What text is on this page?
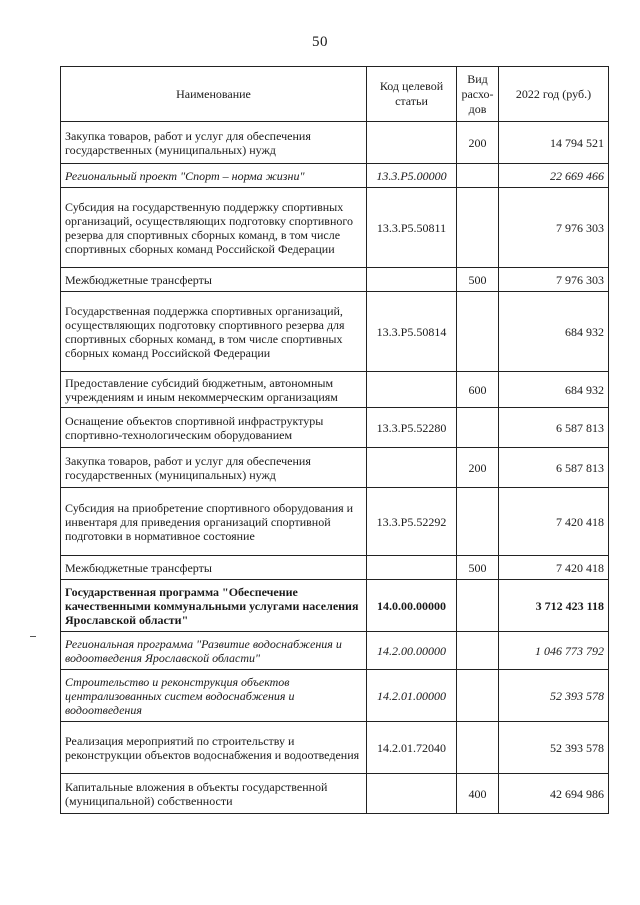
50
Наименование	Код целевой статьи	Вид расхо-дов	2022 год (руб.)
Закупка товаров, работ и услуг для обеспечения государственных (муниципальных) нужд		200	14 794 521
Региональный проект "Спорт – норма жизни"	13.3.P5.00000		22 669 466
Субсидия на государственную поддержку спортивных организаций, осуществляющих подготовку спортивного резерва для спортивных сборных команд, в том числе спортивных сборных команд Российской Федерации	13.3.P5.50811		7 976 303
Межбюджетные трансферты		500	7 976 303
Государственная поддержка спортивных организаций, осуществляющих подготовку спортивного резерва для спортивных сборных команд, в том числе спортивных сборных команд Российской Федерации	13.3.P5.50814		684 932
Предоставление субсидий бюджетным, автономным учреждениям и иным некоммерческим организациям		600	684 932
Оснащение объектов спортивной инфраструктуры спортивно-технологическим оборудованием	13.3.P5.52280		6 587 813
Закупка товаров, работ и услуг для обеспечения государственных (муниципальных) нужд		200	6 587 813
Субсидия на приобретение спортивного оборудования и инвентаря для приведения организаций спортивной подготовки в нормативное состояние	13.3.P5.52292		7 420 418
Межбюджетные трансферты		500	7 420 418
Государственная программа "Обеспечение качественными коммунальными услугами населения Ярославской области"	14.0.00.00000		3 712 423 118
Региональная программа "Развитие водоснабжения и водоотведения Ярославской области"	14.2.00.00000		1 046 773 792
Строительство и реконструкция объектов централизованных систем водоснабжения и водоотведения	14.2.01.00000		52 393 578
Реализация мероприятий по строительству и реконструкции объектов водоснабжения и водоотведения	14.2.01.72040		52 393 578
Капитальные вложения в объекты государственной (муниципальной) собственности		400	42 694 986
